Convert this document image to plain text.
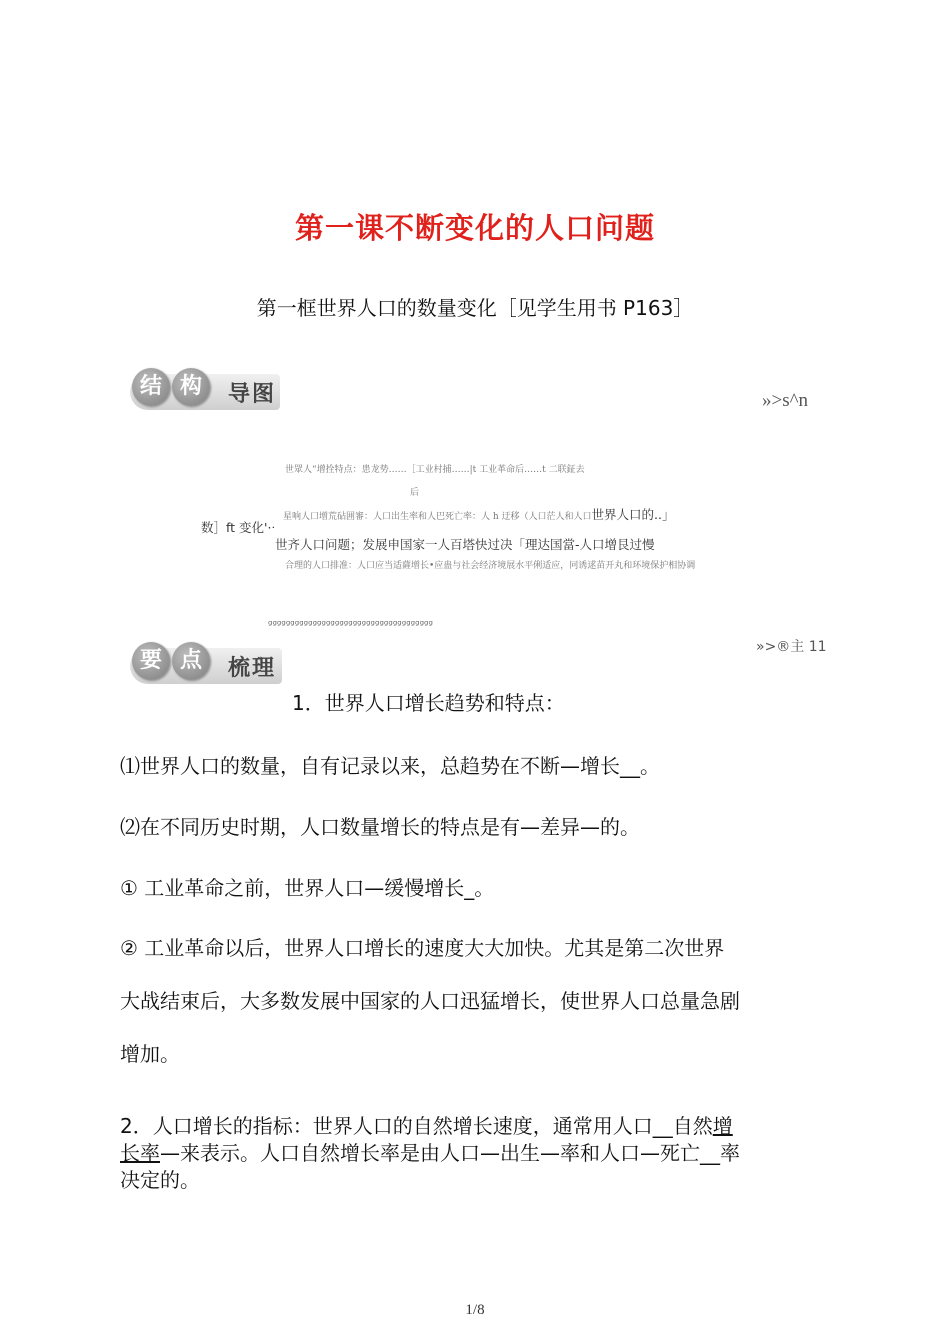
第一课不断变化的人口问题
第一框世界人口的数量变化［见学生用书 P163］
结 构	导图	»>s^n
世眾人“增拴特点：患龙势……［工业村捕……|t 工业革命后……t 二联鉦去
后
星响人口增荒砧囲審：人口出生率和人巴死亡率：人 h 迂移（人口茫人和人口世界人口的..」
数］ft 变化'·ᐧ
世齐人口问题；发展申国家一人百塔快过决「理达国當-人口增艮过慢
合理的人口排准：人口应当适薩增长•应蛊与社会经济境展水平俐适应，冋诱逑苗开丸和环境保护相协调
ᵍᵍᵍᵍᵍᵍᵍᵍᵍᵍᵍᵍᵍᵍᵍᵍᵍᵍᵍᵍᵍᵍᵍᵍᵍᵍᵍᵍᵍᵍᵍᵍᵍᵍᵍᵍᵍ
要 点	梳理
»>®主 11
1．世界人口增长趋势和特点：
⑴世界人口的数量，自有记录以来，总趋势在不断—增长__。
⑵在不同历史时期，人口数量增长的特点是有—差异—的。
① 工业革命之前，世界人口—缓慢增长_。
② 工业革命以后，世界人口增长的速度大大加快。尤其是第二次世界
大战结束后，大多数发展中国家的人口迅猛增长，使世界人口总量急剧
增加。
2．人口增长的指标：世界人口的自然增长速度，通常用人口__自然增
长率—来表示。人口自然增长率是由人口—出生—率和人口—死亡__率
决定的。
1/8
